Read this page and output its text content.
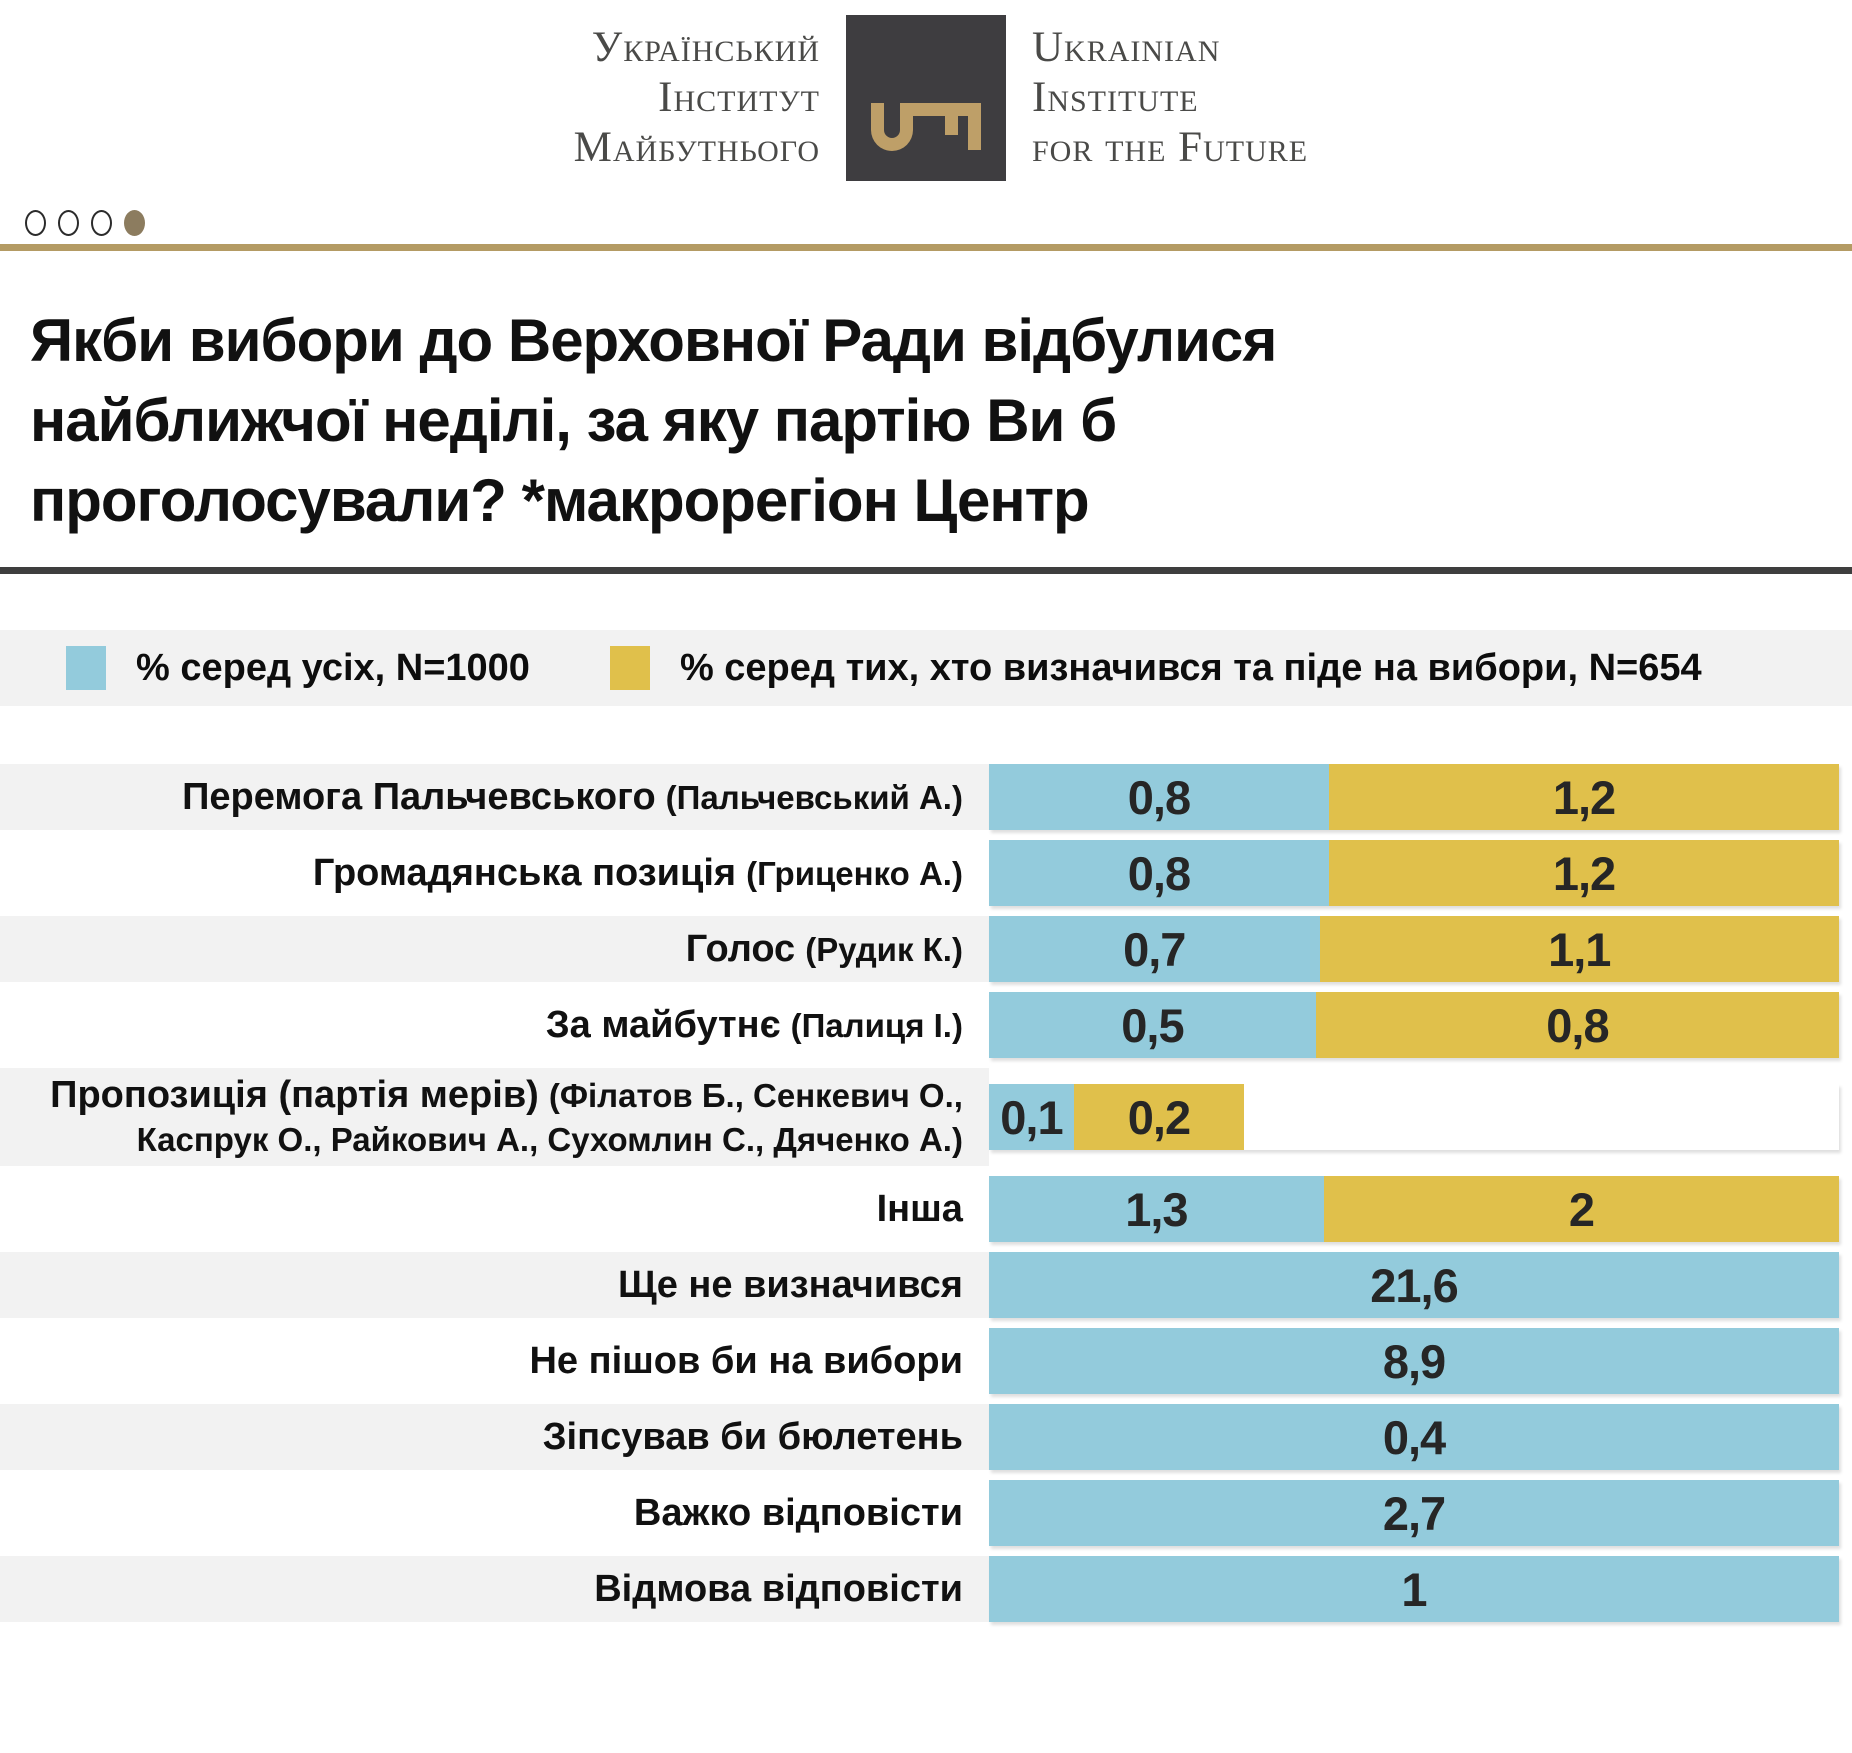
Український
Інститут
Майбутнього
Ukrainian
Institute
for the Future
Якби вибори до Верховної Ради відбулися
найближчої неділі, за яку партію Ви б
проголосували? *макрорегіон Центр
% серед усіх, N=1000	% серед тих, хто визначився та піде на вибори, N=654
Перемога Пальчевського (Пальчевський А.)	0,8	1,2
Громадянська позиція (Гриценко А.)	0,8	1,2
Голос (Рудик К.)	0,7	1,1
За майбутнє (Палиця І.)	0,5	0,8
Пропозиція (партія мерів) (Філатов Б., Сенкевич О., Каспрук О., Райкович А., Сухомлин С., Дяченко А.) 0,1 0,2
Інша	1,3	2
Ще не визначився	21,6
Не пішов би на вибори	8,9
Зіпсував би бюлетень	0,4
Важко відповісти	2,7
Відмова відповісти	1
